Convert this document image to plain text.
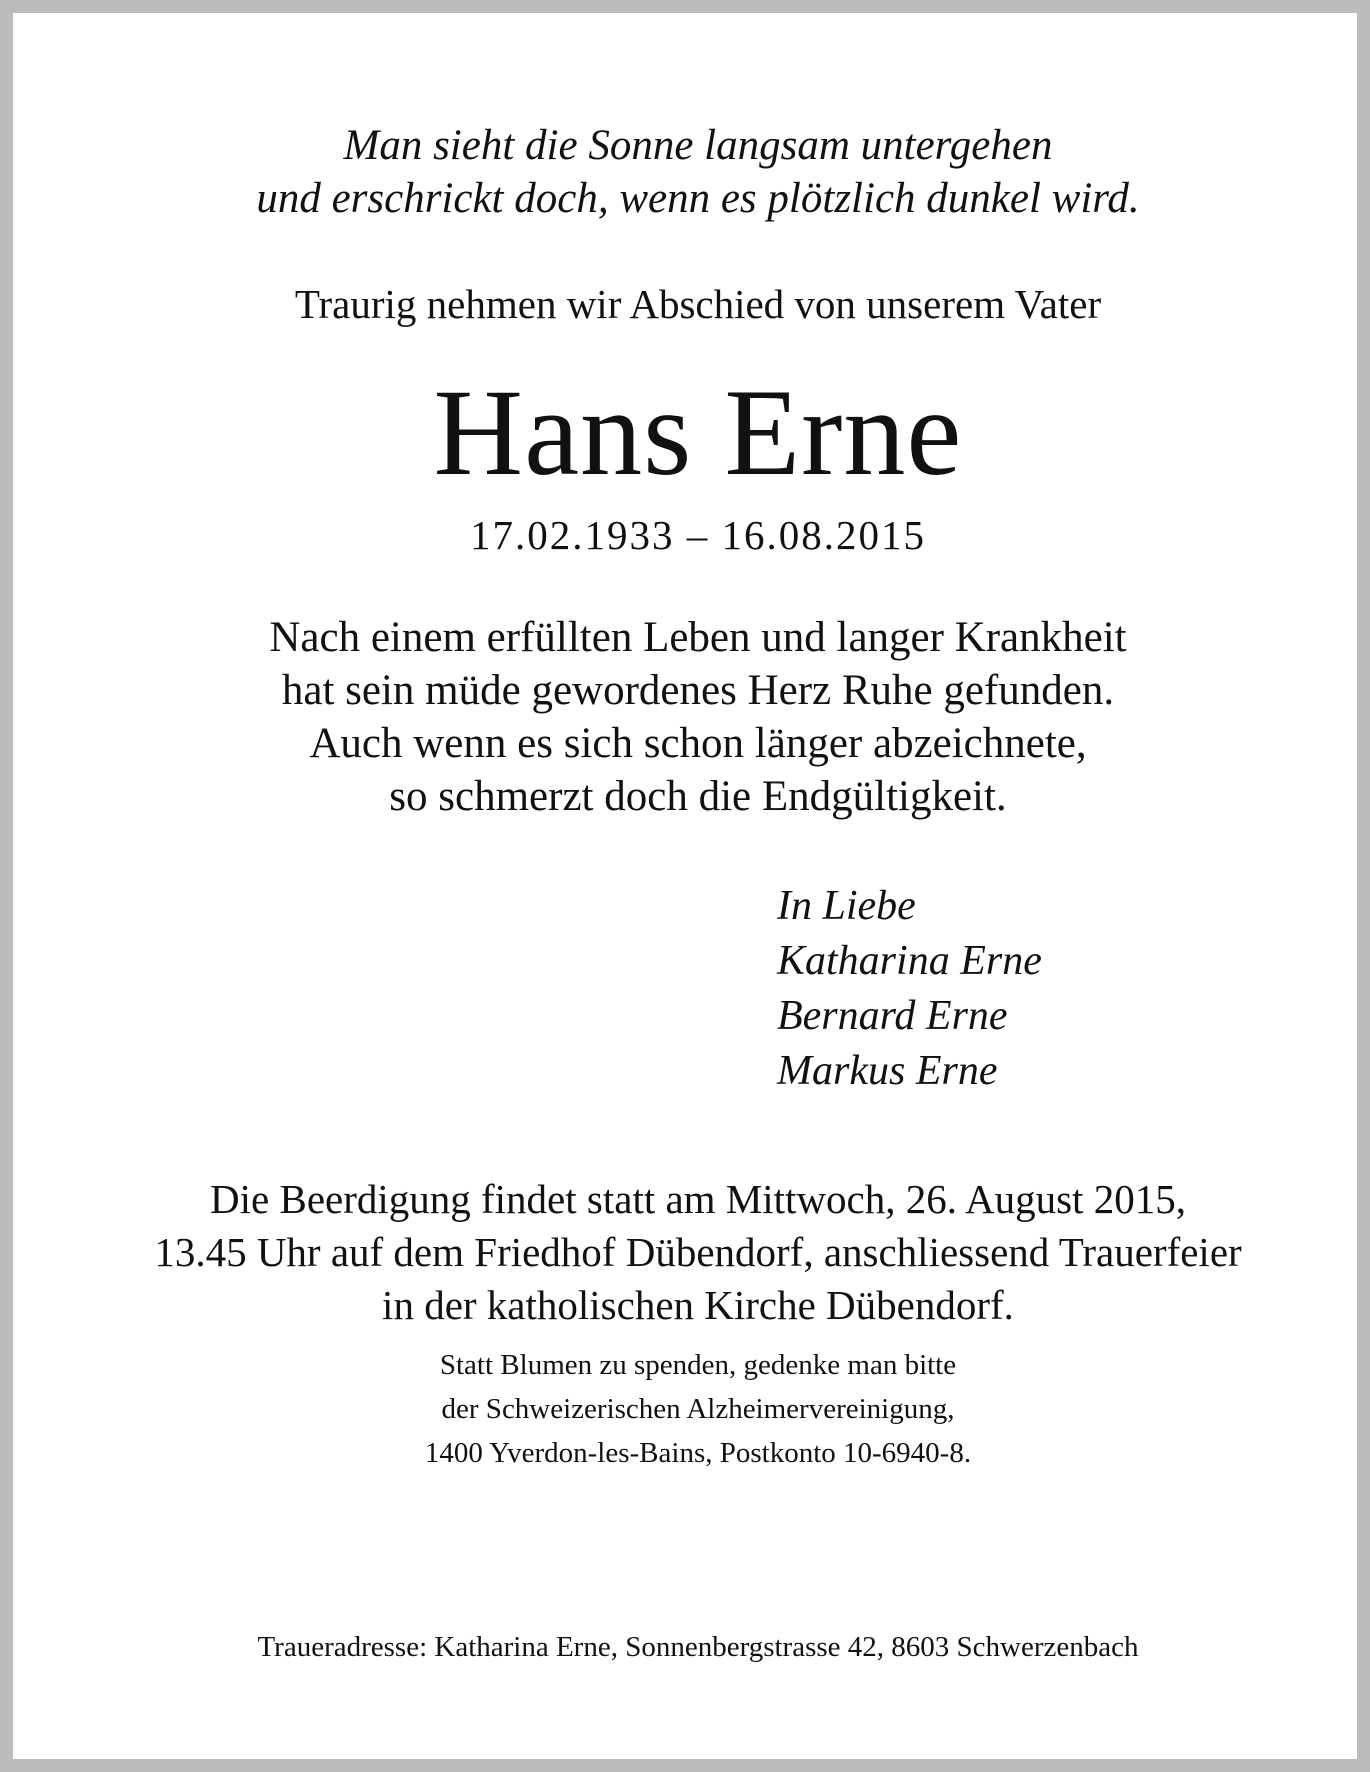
Man sieht die Sonne langsam untergehen
und erschrickt doch, wenn es plötzlich dunkel wird.
Traurig nehmen wir Abschied von unserem Vater
Hans Erne
17.02.1933 – 16.08.2015
Nach einem erfüllten Leben und langer Krankheit
hat sein müde gewordenes Herz Ruhe gefunden.
Auch wenn es sich schon länger abzeichnete,
so schmerzt doch die Endgültigkeit.
In Liebe
Katharina Erne
Bernard Erne
Markus Erne
Die Beerdigung findet statt am Mittwoch, 26. August 2015,
13.45 Uhr auf dem Friedhof Dübendorf, anschliessend Trauerfeier
in der katholischen Kirche Dübendorf.
Statt Blumen zu spenden, gedenke man bitte
der Schweizerischen Alzheimervereinigung,
1400 Yverdon-les-Bains, Postkonto 10-6940-8.
Traueradresse: Katharina Erne, Sonnenbergstrasse 42, 8603 Schwerzenbach
